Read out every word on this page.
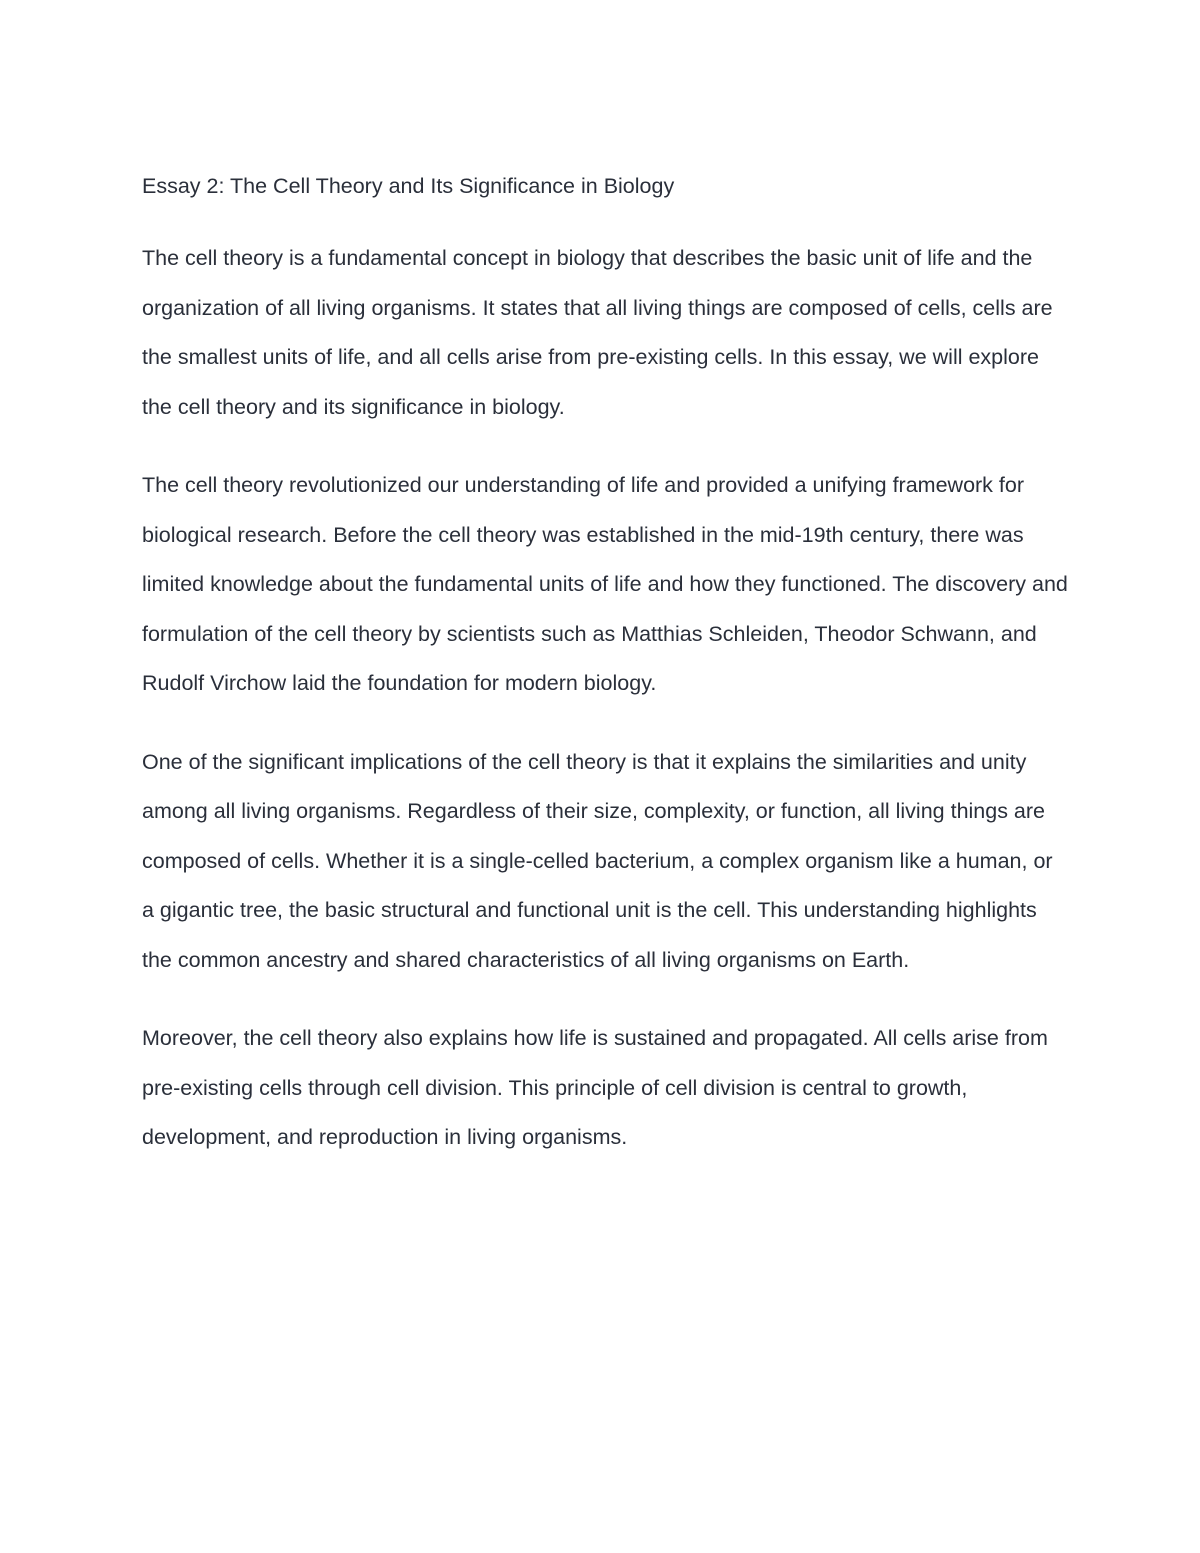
Essay 2: The Cell Theory and Its Significance in Biology

The cell theory is a fundamental concept in biology that describes the basic unit of life and the organization of all living organisms. It states that all living things are composed of cells, cells are the smallest units of life, and all cells arise from pre-existing cells. In this essay, we will explore the cell theory and its significance in biology.

The cell theory revolutionized our understanding of life and provided a unifying framework for biological research. Before the cell theory was established in the mid-19th century, there was limited knowledge about the fundamental units of life and how they functioned. The discovery and formulation of the cell theory by scientists such as Matthias Schleiden, Theodor Schwann, and Rudolf Virchow laid the foundation for modern biology.

One of the significant implications of the cell theory is that it explains the similarities and unity among all living organisms. Regardless of their size, complexity, or function, all living things are composed of cells. Whether it is a single-celled bacterium, a complex organism like a human, or a gigantic tree, the basic structural and functional unit is the cell. This understanding highlights the common ancestry and shared characteristics of all living organisms on Earth.

Moreover, the cell theory also explains how life is sustained and propagated. All cells arise from pre-existing cells through cell division. This principle of cell division is central to growth, development, and reproduction in living organisms.
